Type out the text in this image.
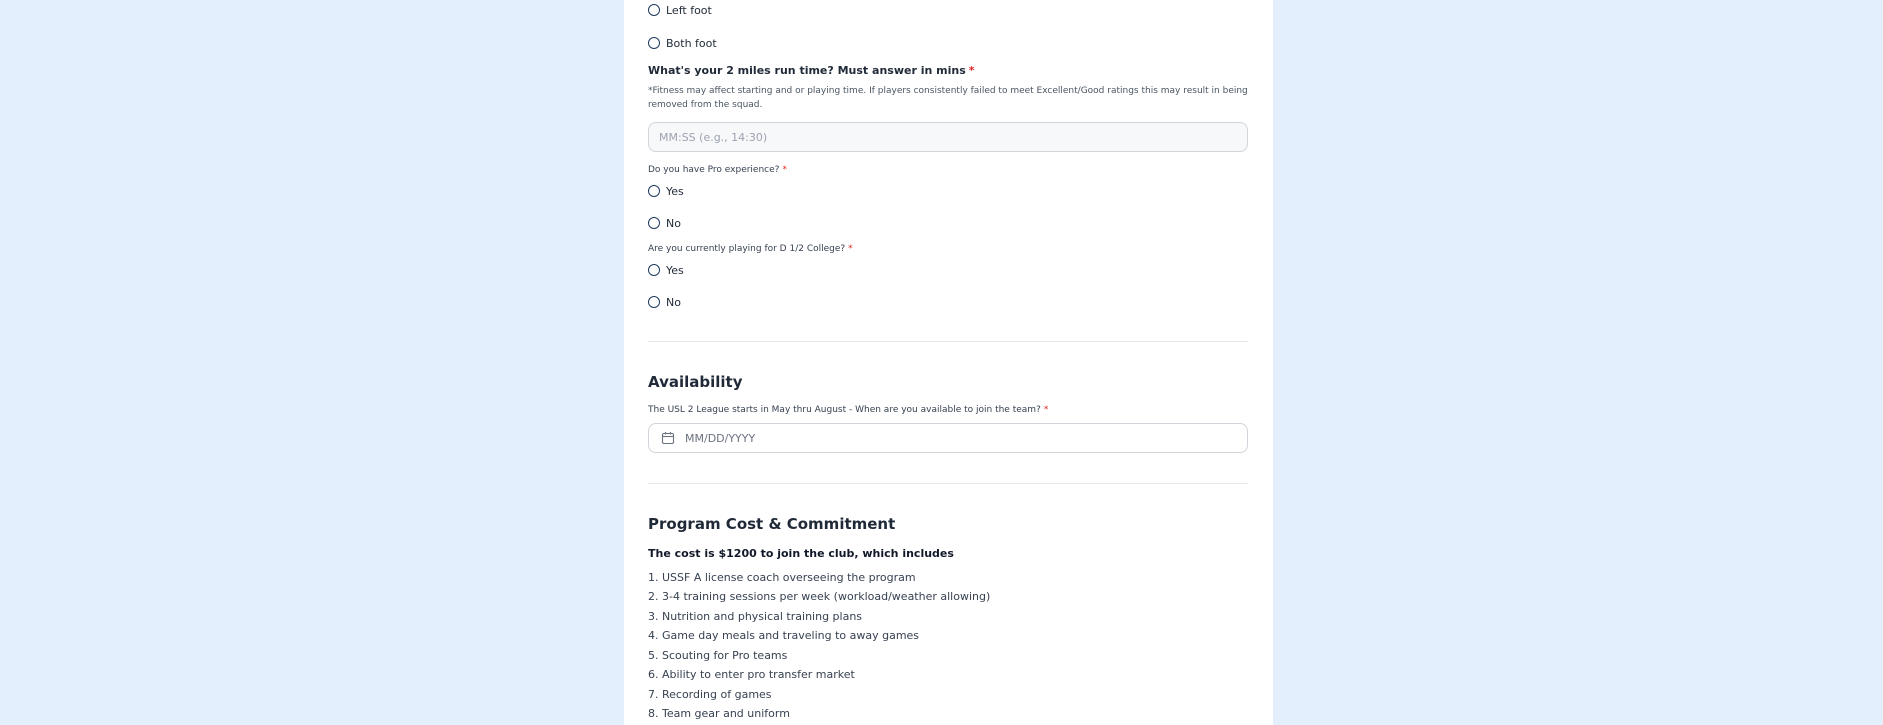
Left foot
Both foot
What's your 2 miles run time? Must answer in mins *
*Fitness may affect starting and or playing time. If players consistently failed to meet Excellent/Good ratings this may result in being removed from the squad.
MM:SS (e.g., 14:30)
Do you have Pro experience? *
Yes
No
Are you currently playing for D 1/2 College? *
Yes
No
Availability
The USL 2 League starts in May thru August - When are you available to join the team? *
MM/DD/YYYY
Program Cost & Commitment
The cost is $1200 to join the club, which includes
1. USSF A license coach overseeing the program
2. 3-4 training sessions per week (workload/weather allowing)
3. Nutrition and physical training plans
4. Game day meals and traveling to away games
5. Scouting for Pro teams
6. Ability to enter pro transfer market
7. Recording of games
8. Team gear and uniform
